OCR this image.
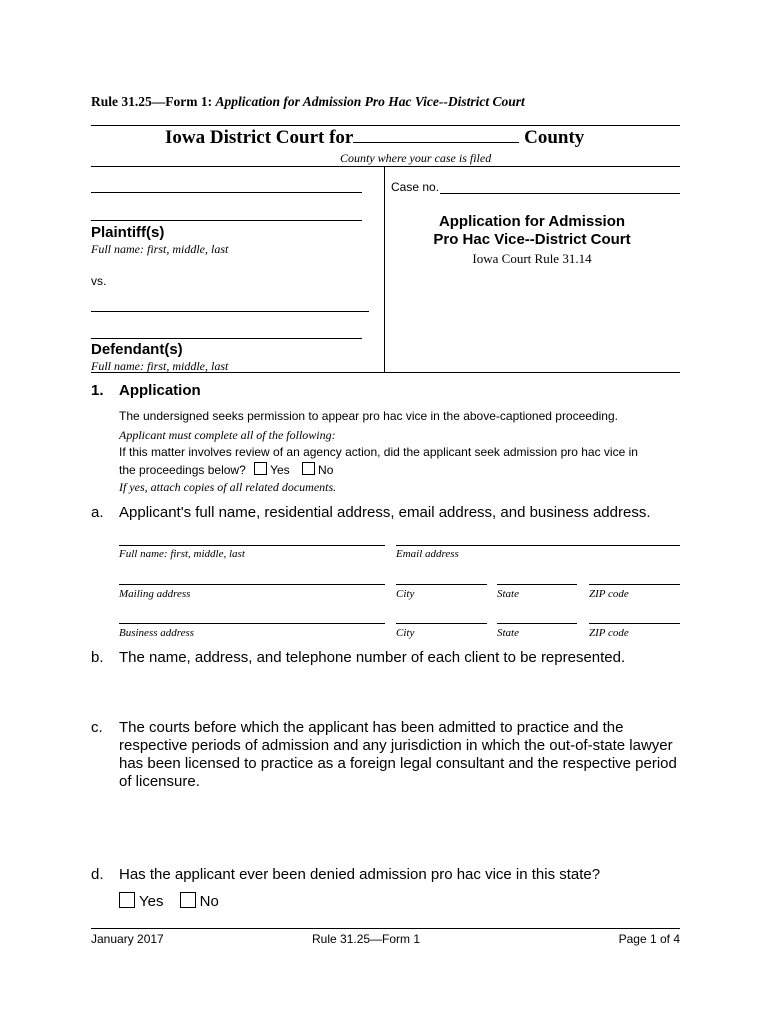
Rule 31.25—Form 1: Application for Admission Pro Hac Vice--District Court
Iowa District Court for	County
County where your case is filed
Plaintiff(s)
Full name: first, middle, last
vs.
Defendant(s)
Full name: first, middle, last
Case no.
Application for Admission
Pro Hac Vice--District Court
Iowa Court Rule 31.14
1. Application
The undersigned seeks permission to appear pro hac vice in the above-captioned proceeding.
Applicant must complete all of the following:
If this matter involves review of an agency action, did the applicant seek admission pro hac vice in
the proceedings below? Yes No
If yes, attach copies of all related documents.
a. Applicant's full name, residential address, email address, and business address.
Full name: first, middle, last	Email address
Mailing address	City	State	ZIP code
Business address	City	State	ZIP code
b. The name, address, and telephone number of each client to be represented.
c. The courts before which the applicant has been admitted to practice and the respective periods of admission and any jurisdiction in which the out-of-state lawyer has been licensed to practice as a foreign legal consultant and the respective period of licensure.
d. Has the applicant ever been denied admission pro hac vice in this state?
Yes No
January 2017	Rule 31.25—Form 1	Page 1 of 4
